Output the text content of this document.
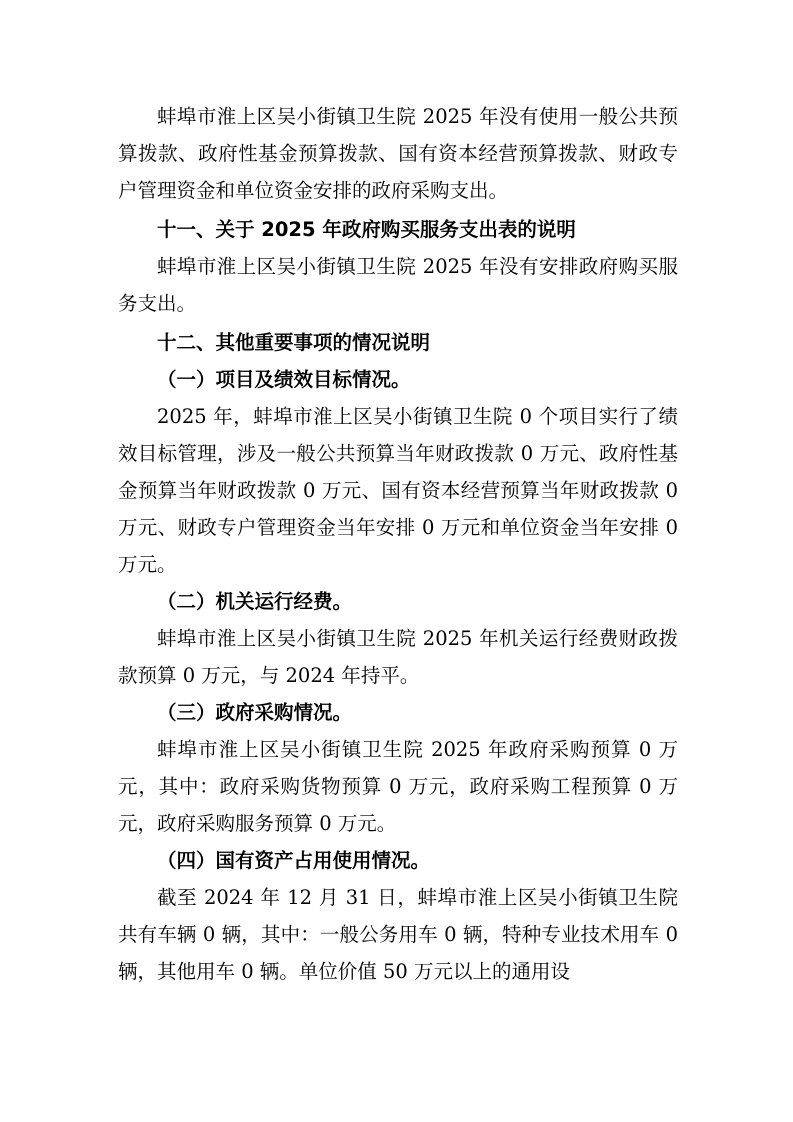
蚌埠市淮上区吴小街镇卫生院 2025 年没有使用一般公共预算拨款、政府性基金预算拨款、国有资本经营预算拨款、财政专户管理资金和单位资金安排的政府采购支出。

十一、关于 2025 年政府购买服务支出表的说明

蚌埠市淮上区吴小街镇卫生院 2025 年没有安排政府购买服务支出。

十二、其他重要事项的情况说明

（一）项目及绩效目标情况。

2025 年，蚌埠市淮上区吴小街镇卫生院 0 个项目实行了绩效目标管理，涉及一般公共预算当年财政拨款 0 万元、政府性基金预算当年财政拨款 0 万元、国有资本经营预算当年财政拨款 0 万元、财政专户管理资金当年安排 0 万元和单位资金当年安排 0 万元。

（二）机关运行经费。

蚌埠市淮上区吴小街镇卫生院 2025 年机关运行经费财政拨款预算 0 万元，与 2024 年持平。

（三）政府采购情况。

蚌埠市淮上区吴小街镇卫生院 2025 年政府采购预算 0 万元，其中：政府采购货物预算 0 万元，政府采购工程预算 0 万元，政府采购服务预算 0 万元。

（四）国有资产占用使用情况。

截至 2024 年 12 月 31 日，蚌埠市淮上区吴小街镇卫生院共有车辆 0 辆，其中：一般公务用车 0 辆，特种专业技术用车 0 辆，其他用车 0 辆。单位价值 50 万元以上的通用设
